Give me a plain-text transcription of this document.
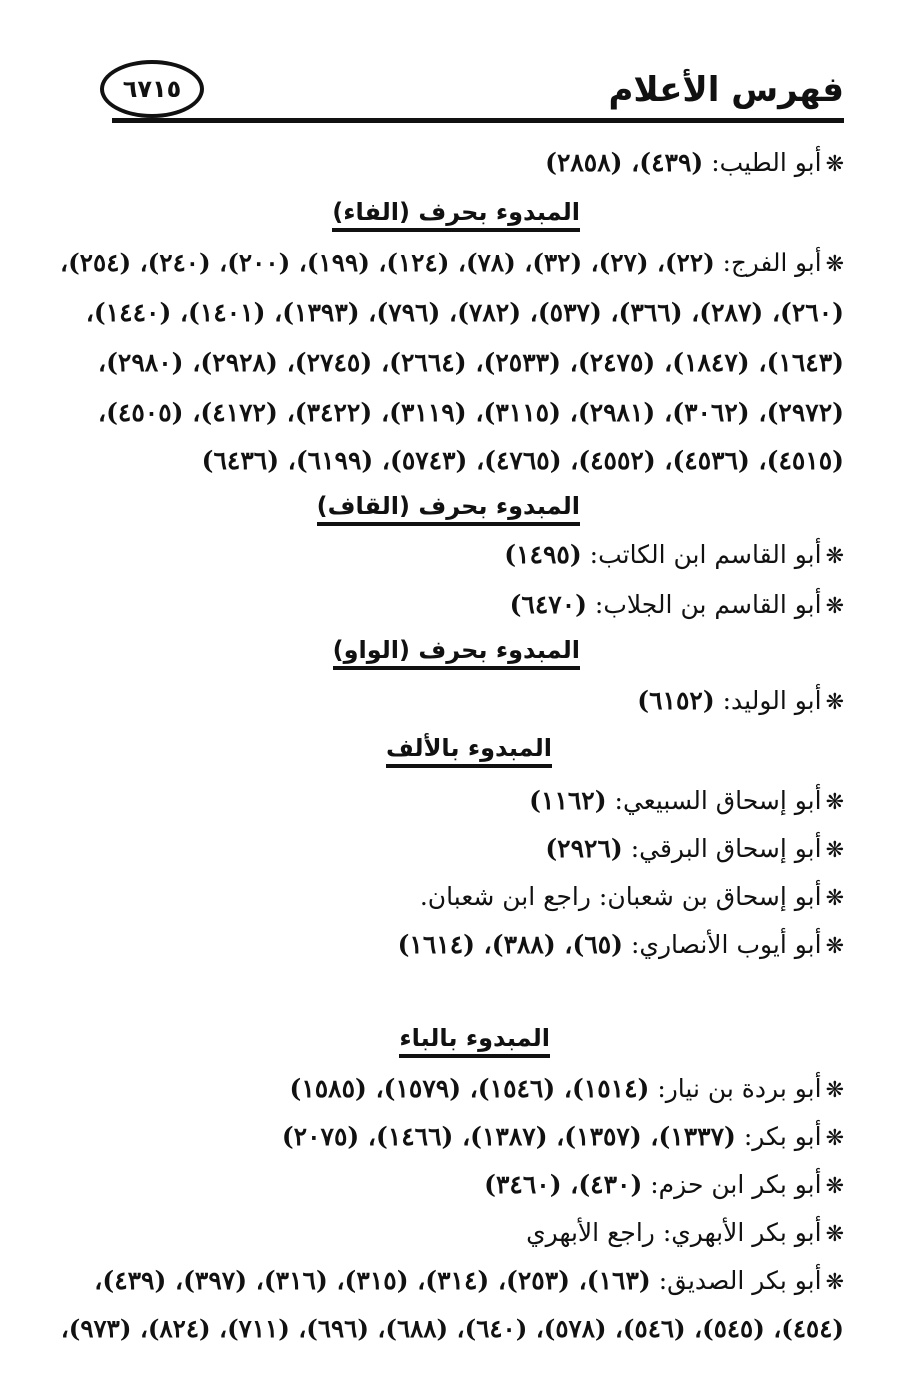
فهرس الأعلام
٦٧١٥
❋أبو الطيب: (٤٣٩)، (٢٨٥٨)
المبدوء بحرف (الفاء)
❋أبو الفرج: (٢٢)، (٢٧)، (٣٢)، (٧٨)، (١٢٤)، (١٩٩)، (٢٠٠)، (٢٤٠)، (٢٥٤)،
(٢٦٠)، (٢٨٧)، (٣٦٦)، (٥٣٧)، (٧٨٢)، (٧٩٦)، (١٣٩٣)، (١٤٠١)، (١٤٤٠)،
(١٦٤٣)، (١٨٤٧)، (٢٤٧٥)، (٢٥٣٣)، (٢٦٦٤)، (٢٧٤٥)، (٢٩٢٨)، (٢٩٨٠)،
(٢٩٧٢)، (٣٠٦٢)، (٢٩٨١)، (٣١١٥)، (٣١١٩)، (٣٤٢٢)، (٤١٧٢)، (٤٥٠٥)،
(٤٥١٥)، (٤٥٣٦)، (٤٥٥٢)، (٤٧٦٥)، (٥٧٤٣)، (٦١٩٩)، (٦٤٣٦)
المبدوء بحرف (القاف)
❋أبو القاسم ابن الكاتب: (١٤٩٥)
❋أبو القاسم بن الجلاب: (٦٤٧٠)
المبدوء بحرف (الواو)
❋أبو الوليد: (٦١٥٢)
المبدوء بالألف
❋أبو إسحاق السبيعي: (١١٦٢)
❋أبو إسحاق البرقي: (٢٩٢٦)
❋أبو إسحاق بن شعبان: راجع ابن شعبان.
❋أبو أيوب الأنصاري: (٦٥)، (٣٨٨)، (١٦١٤)
المبدوء بالباء
❋أبو بردة بن نيار: (١٥١٤)، (١٥٤٦)، (١٥٧٩)، (١٥٨٥)
❋أبو بكر: (١٣٣٧)، (١٣٥٧)، (١٣٨٧)، (١٤٦٦)، (٢٠٧٥)
❋أبو بكر ابن حزم: (٤٣٠)، (٣٤٦٠)
❋أبو بكر الأبهري: راجع الأبهري
❋أبو بكر الصديق: (١٦٣)، (٢٥٣)، (٣١٤)، (٣١٥)، (٣١٦)، (٣٩٧)، (٤٣٩)،
(٤٥٤)، (٥٤٥)، (٥٤٦)، (٥٧٨)، (٦٤٠)، (٦٨٨)، (٦٩٦)، (٧١١)، (٨٢٤)، (٩٧٣)،
